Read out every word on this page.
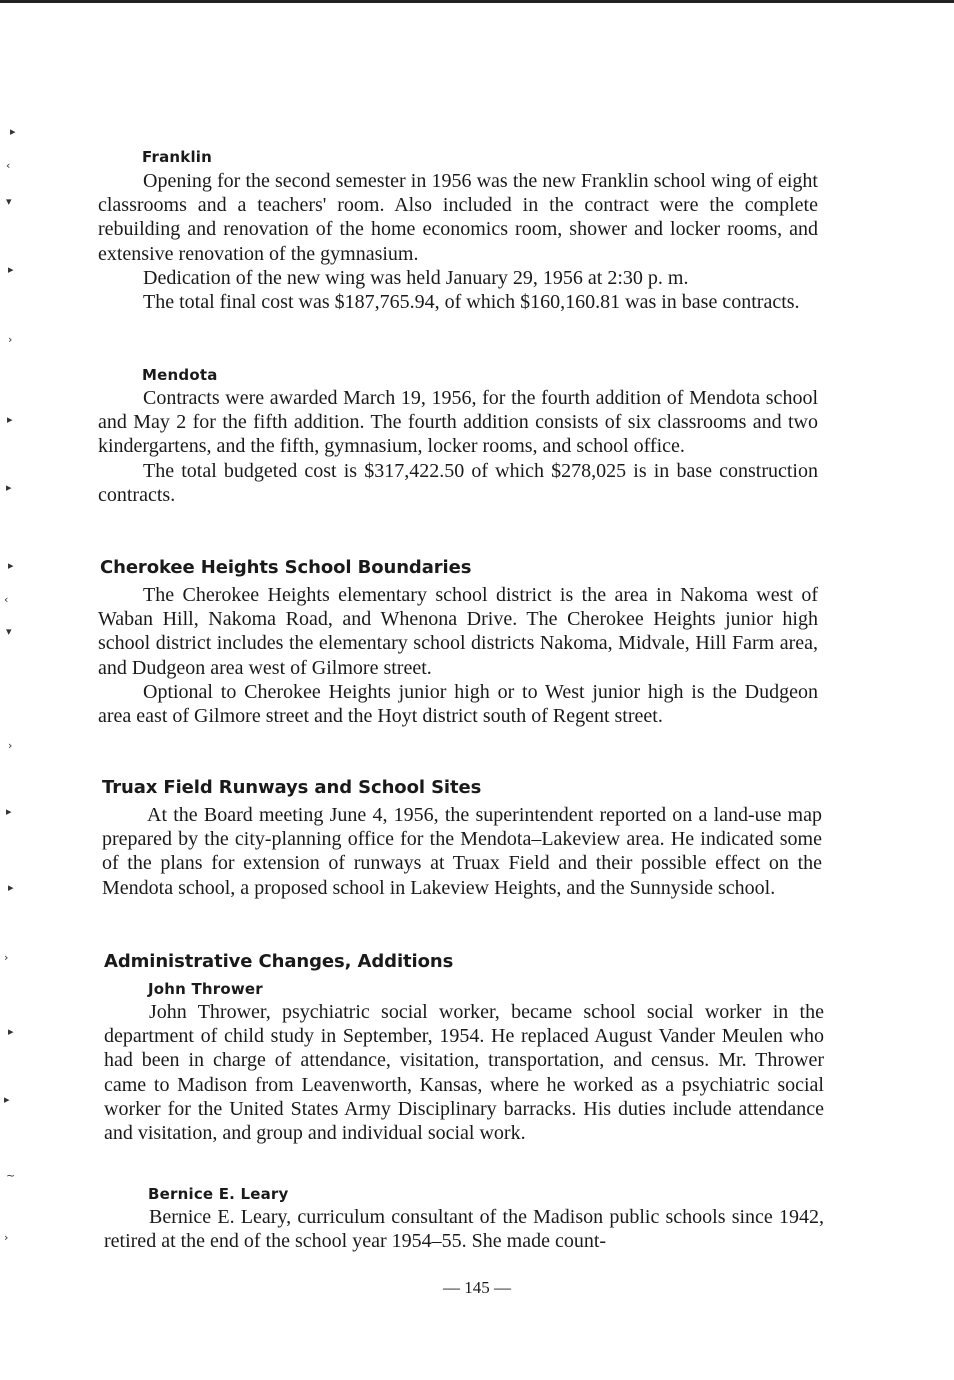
▸
‹
▾
▸
›
▸
▸
▸
‹
▾
›
▸
▸
›
▸
▸
~
›
Franklin

Opening for the second semester in 1956 was the new Franklin school wing of eight classrooms and a teachers' room. Also included in the contract were the complete rebuilding and renovation of the home economics room, shower and locker rooms, and extensive renovation of the gymnasium.

Dedication of the new wing was held January 29, 1956 at 2:30 p. m.

The total final cost was $187,765.94, of which $160,160.81 was in base contracts.

Mendota

Contracts were awarded March 19, 1956, for the fourth addition of Mendota school and May 2 for the fifth addition. The fourth addition consists of six classrooms and two kindergartens, and the fifth, gymnasium, locker rooms, and school office.

The total budgeted cost is $317,422.50 of which $278,025 is in base construction contracts.

Cherokee Heights School Boundaries

The Cherokee Heights elementary school district is the area in Nakoma west of Waban Hill, Nakoma Road, and Whenona Drive. The Cherokee Heights junior high school district includes the elementary school districts Nakoma, Midvale, Hill Farm area, and Dudgeon area west of Gilmore street.

Optional to Cherokee Heights junior high or to West junior high is the Dudgeon area east of Gilmore street and the Hoyt district south of Regent street.

Truax Field Runways and School Sites

At the Board meeting June 4, 1956, the superintendent reported on a land-use map prepared by the city-planning office for the Mendota–Lakeview area. He indicated some of the plans for extension of runways at Truax Field and their possible effect on the Mendota school, a proposed school in Lakeview Heights, and the Sunnyside school.

Administrative Changes, Additions
John Thrower

John Thrower, psychiatric social worker, became school social worker in the department of child study in September, 1954. He replaced August Vander Meulen who had been in charge of attendance, visitation, transportation, and census. Mr. Thrower came to Madison from Leavenworth, Kansas, where he worked as a psychiatric social worker for the United States Army Disciplinary barracks. His duties include attendance and visitation, and group and individual social work.

Bernice E. Leary

Bernice E. Leary, curriculum consultant of the Madison public schools since 1942, retired at the end of the school year 1954–55. She made count-

— 145 —
